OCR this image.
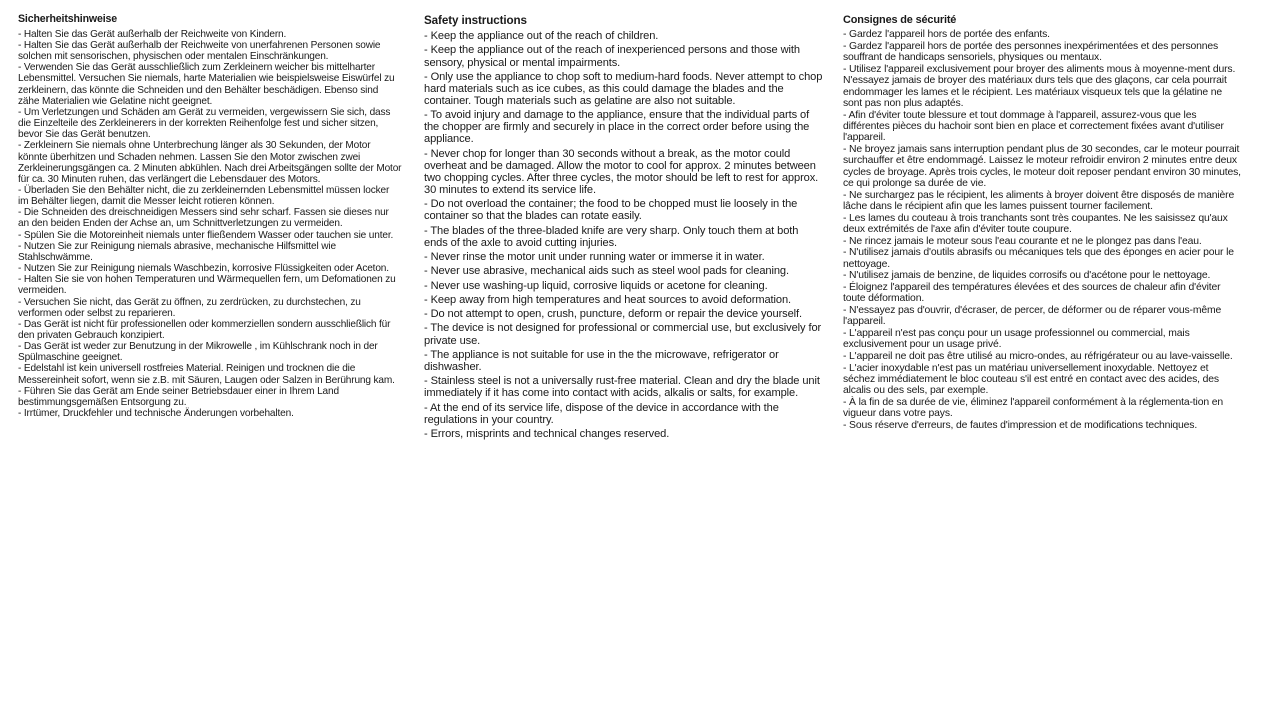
Sicherheitshinweise

- Halten Sie das Gerät außerhalb der Reichweite von Kindern.

- Halten Sie das Gerät außerhalb der Reichweite von unerfahrenen Personen sowie solchen mit sensorischen, physischen oder mentalen Einschränkungen.

- Verwenden Sie das Gerät ausschließlich zum Zerkleinern weicher bis mittelharter Lebensmittel. Versuchen Sie niemals, harte Materialien wie beispielsweise Eiswürfel zu zerkleinern, das könnte die Schneiden und den Behälter beschädigen. Ebenso sind zähe Materialien wie Gelatine nicht geeignet.

- Um Verletzungen und Schäden am Gerät zu vermeiden, vergewissern Sie sich, dass die Einzelteile des Zerkleinerers in der korrekten Reihenfolge fest und sicher sitzen, bevor Sie das Gerät benutzen.

- Zerkleinern Sie niemals ohne Unterbrechung länger als 30 Sekunden, der Motor könnte überhitzen und Schaden nehmen. Lassen Sie den Motor zwischen zwei Zerkleinerungsgängen ca. 2 Minuten abkühlen. Nach drei Arbeitsgängen sollte der Motor für ca. 30 Minuten ruhen, das verlängert die Lebensdauer des Motors.

- Überladen Sie den Behälter nicht, die zu zerkleinernden Lebensmittel müssen locker im Behälter liegen, damit die Messer leicht rotieren können.

- Die Schneiden des dreischneidigen Messers sind sehr scharf. Fassen sie dieses nur an den beiden Enden der Achse an, um Schnittverletzungen zu vermeiden.

- Spülen Sie die Motoreinheit niemals unter fließendem Wasser oder tauchen sie unter.

- Nutzen Sie zur Reinigung niemals abrasive, mechanische Hilfsmittel wie Stahlschwämme.

- Nutzen Sie zur Reinigung niemals Waschbezin, korrosive Flüssigkeiten oder Aceton.

- Halten Sie sie von hohen Temperaturen und Wärmequellen fern, um Defomationen zu vermeiden.

- Versuchen Sie nicht, das Gerät zu öffnen, zu zerdrücken, zu durchstechen, zu verformen oder selbst zu reparieren.

- Das Gerät ist nicht für professionellen oder kommerziellen sondern ausschließlich für den privaten Gebrauch konzipiert.

- Das Gerät ist weder zur Benutzung in der Mikrowelle , im Kühlschrank noch in der Spülmaschine geeignet.

- Edelstahl ist kein universell rostfreies Material. Reinigen und trocknen die die Messereinheit sofort, wenn sie z.B. mit Säuren, Laugen oder Salzen in Berührung kam.

- Führen Sie das Gerät am Ende seiner Betriebsdauer einer in Ihrem Land bestimmungsgemäßen Entsorgung zu.

- Irrtümer, Druckfehler und technische Änderungen vorbehalten.

Safety instructions

- Keep the appliance out of the reach of children.

- Keep the appliance out of the reach of inexperienced persons and those with sensory, physical or mental impairments.

- Only use the appliance to chop soft to medium-hard foods. Never attempt to chop hard materials such as ice cubes, as this could damage the blades and the container. Tough materials such as gelatine are also not suitable.

- To avoid injury and damage to the appliance, ensure that the individual parts of the chopper are firmly and securely in place in the correct order before using the appliance.

- Never chop for longer than 30 seconds without a break, as the motor could overheat and be damaged. Allow the motor to cool for approx. 2 minutes between two chopping cycles. After three cycles, the motor should be left to rest for approx. 30 minutes to extend its service life.

- Do not overload the container; the food to be chopped must lie loosely in the container so that the blades can rotate easily.

- The blades of the three-bladed knife are very sharp. Only touch them at both ends of the axle to avoid cutting injuries.

- Never rinse the motor unit under running water or immerse it in water.

- Never use abrasive, mechanical aids such as steel wool pads for cleaning.

- Never use washing-up liquid, corrosive liquids or acetone for cleaning.

- Keep away from high temperatures and heat sources to avoid deformation.

- Do not attempt to open, crush, puncture, deform or repair the device yourself.

- The device is not designed for professional or commercial use, but exclusively for private use.

- The appliance is not suitable for use in the the microwave, refrigerator or dishwasher.

- Stainless steel is not a universally rust-free material. Clean and dry the blade unit immediately if it has come into contact with acids, alkalis or salts, for example.

- At the end of its service life, dispose of the device in accordance with the regulations in your country.

- Errors, misprints and technical changes reserved.

Consignes de sécurité

- Gardez l'appareil hors de portée des enfants.

- Gardez l'appareil hors de portée des personnes inexpérimentées et des personnes souffrant de handicaps sensoriels, physiques ou mentaux.

- Utilisez l'appareil exclusivement pour broyer des aliments mous à moyenne-ment durs. N'essayez jamais de broyer des matériaux durs tels que des glaçons, car cela pourrait endommager les lames et le récipient. Les matériaux visqueux tels que la gélatine ne sont pas non plus adaptés.

- Afin d'éviter toute blessure et tout dommage à l'appareil, assurez-vous que les différentes pièces du hachoir sont bien en place et correctement fixées avant d'utiliser l'appareil.

- Ne broyez jamais sans interruption pendant plus de 30 secondes, car le moteur pourrait surchauffer et être endommagé. Laissez le moteur refroidir environ 2 minutes entre deux cycles de broyage. Après trois cycles, le moteur doit reposer pendant environ 30 minutes, ce qui prolonge sa durée de vie.

- Ne surchargez pas le récipient, les aliments à broyer doivent être disposés de manière lâche dans le récipient afin que les lames puissent tourner facilement.

- Les lames du couteau à trois tranchants sont très coupantes. Ne les saisissez qu'aux deux extrémités de l'axe afin d'éviter toute coupure.

- Ne rincez jamais le moteur sous l'eau courante et ne le plongez pas dans l'eau.

- N'utilisez jamais d'outils abrasifs ou mécaniques tels que des éponges en acier pour le nettoyage.

- N'utilisez jamais de benzine, de liquides corrosifs ou d'acétone pour le nettoyage.

- Éloignez l'appareil des températures élevées et des sources de chaleur afin d'éviter toute déformation.

- N'essayez pas d'ouvrir, d'écraser, de percer, de déformer ou de réparer vous-même l'appareil.

- L'appareil n'est pas conçu pour un usage professionnel ou commercial, mais exclusivement pour un usage privé.

- L'appareil ne doit pas être utilisé au micro-ondes, au réfrigérateur ou au lave-vaisselle.

- L'acier inoxydable n'est pas un matériau universellement inoxydable. Nettoyez et séchez immédiatement le bloc couteau s'il est entré en contact avec des acides, des alcalis ou des sels, par exemple.

- À la fin de sa durée de vie, éliminez l'appareil conformément à la réglementa-tion en vigueur dans votre pays.

- Sous réserve d'erreurs, de fautes d'impression et de modifications techniques.
